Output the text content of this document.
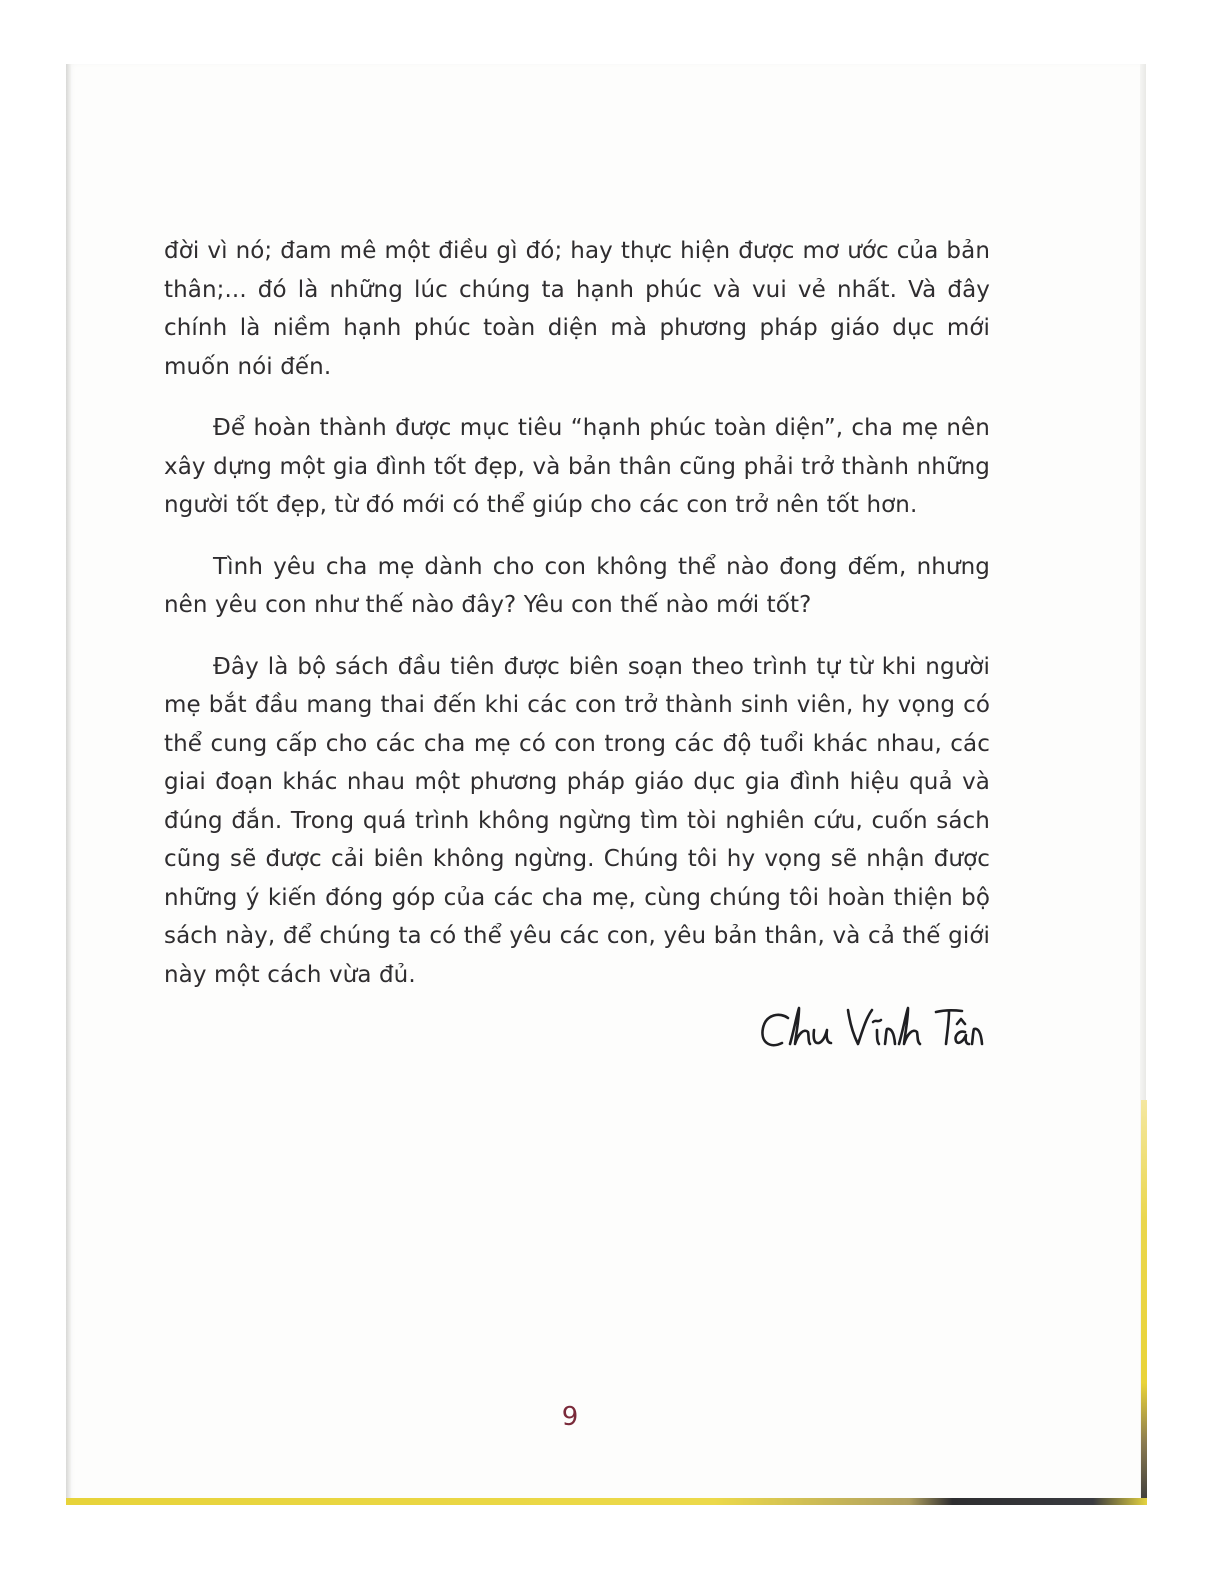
đời vì nó; đam mê một điều gì đó; hay thực hiện được mơ ước của bản thân;... đó là những lúc chúng ta hạnh phúc và vui vẻ nhất. Và đây chính là niềm hạnh phúc toàn diện mà phương pháp giáo dục mới muốn nói đến.

Để hoàn thành được mục tiêu “hạnh phúc toàn diện”, cha mẹ nên xây dựng một gia đình tốt đẹp, và bản thân cũng phải trở thành những người tốt đẹp, từ đó mới có thể giúp cho các con trở nên tốt hơn.

Tình yêu cha mẹ dành cho con không thể nào đong đếm, nhưng nên yêu con như thế nào đây? Yêu con thế nào mới tốt?

Đây là bộ sách đầu tiên được biên soạn theo trình tự từ khi người mẹ bắt đầu mang thai đến khi các con trở thành sinh viên, hy vọng có thể cung cấp cho các cha mẹ có con trong các độ tuổi khác nhau, các giai đoạn khác nhau một phương pháp giáo dục gia đình hiệu quả và đúng đắn. Trong quá trình không ngừng tìm tòi nghiên cứu, cuốn sách cũng sẽ được cải biên không ngừng. Chúng tôi hy vọng sẽ nhận được những ý kiến đóng góp của các cha mẹ, cùng chúng tôi hoàn thiện bộ sách này, để chúng ta có thể yêu các con, yêu bản thân, và cả thế giới này một cách vừa đủ.

9
